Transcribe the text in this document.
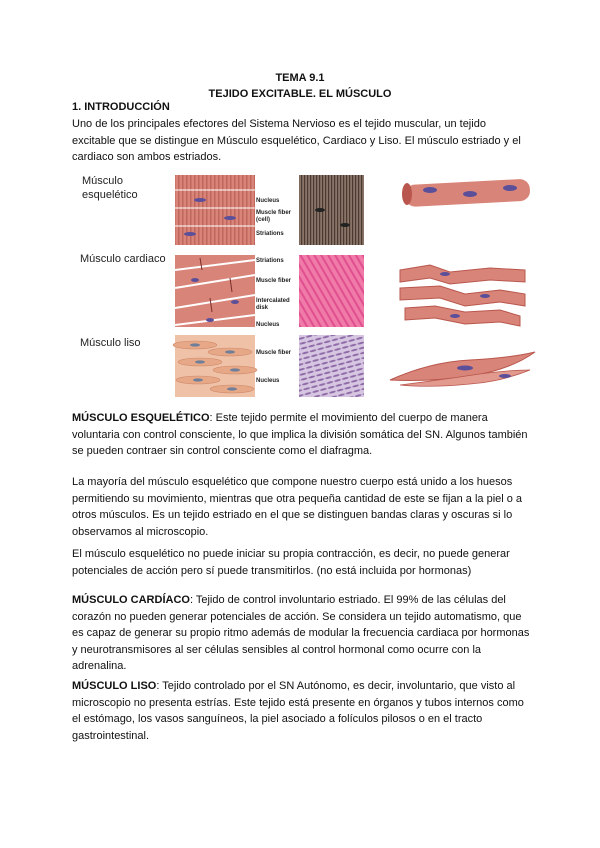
TEMA 9.1
TEJIDO EXCITABLE. EL MÚSCULO
1. INTRODUCCIÓN
Uno de los principales efectores del Sistema Nervioso es el tejido muscular, un tejido excitable que se distingue en Músculo esquelético, Cardiaco y Liso. El músculo estriado y el cardiaco son ambos estriados.
Músculo
esquelético
Músculo cardiaco
Músculo liso
Nucleus
Muscle fiber
(cell)
Striations
Striations
Muscle fiber
Intercalated
disk
Nucleus
Muscle fiber
Nucleus
MÚSCULO ESQUELÉTICO: Este tejido permite el movimiento del cuerpo de manera voluntaria con control consciente, lo que implica la división somática del SN. Algunos también se pueden contraer sin control consciente como el diafragma.
La mayoría del músculo esquelético que compone nuestro cuerpo está unido a los huesos permitiendo su movimiento, mientras que otra pequeña cantidad de este se fijan a la piel o a otros músculos. Es un tejido estriado en el que se distinguen bandas claras y oscuras si lo observamos al microscopio.
El músculo esquelético no puede iniciar su propia contracción, es decir, no puede generar potenciales de acción pero sí puede transmitirlos. (no está incluida por hormonas)
MÚSCULO CARDÍACO: Tejido de control involuntario estriado. El 99% de las células del corazón no pueden generar potenciales de acción. Se considera un tejido automatismo, que es capaz de generar su propio ritmo además de modular la frecuencia cardiaca por hormonas y neurotransmisores al ser células sensibles al control hormonal como ocurre con la adrenalina.
MÚSCULO LISO: Tejido controlado por el SN Autónomo, es decir, involuntario, que visto al microscopio no presenta estrías. Este tejido está presente en órganos y tubos internos como el estómago, los vasos sanguíneos, la piel asociado a folículos pilosos o en el tracto gastrointestinal.
